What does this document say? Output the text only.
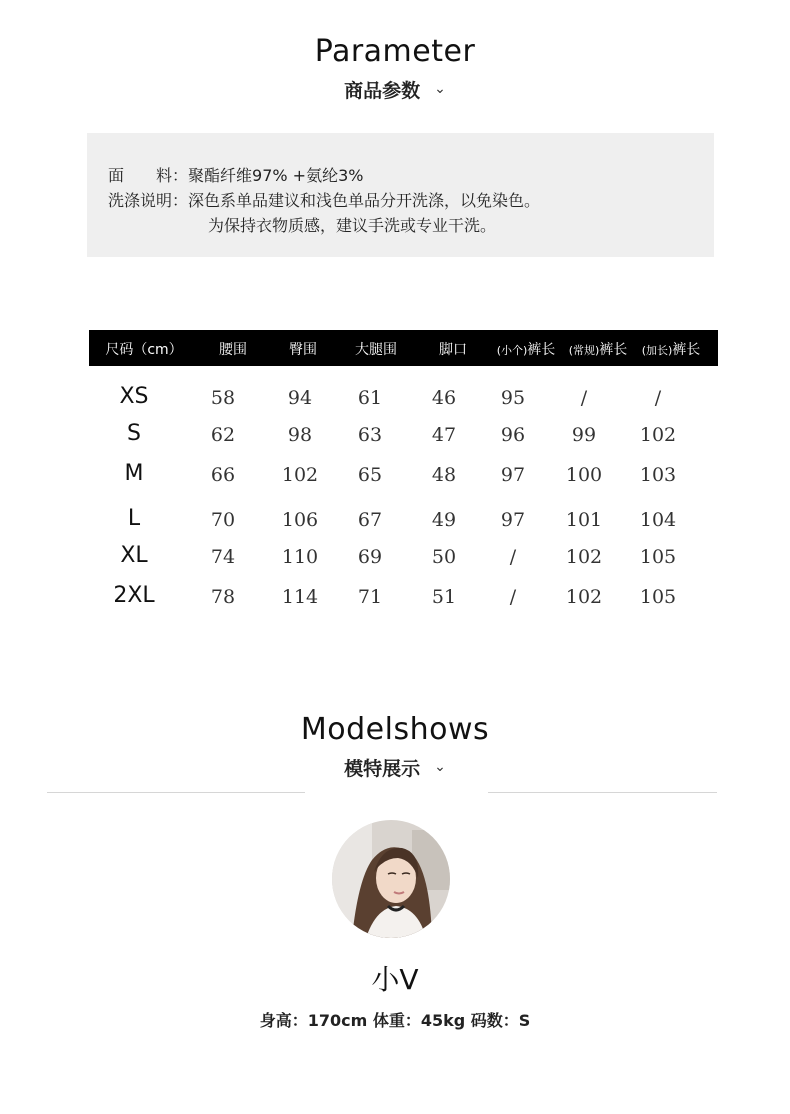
Parameter
商品参数 ⌄
面　　料：聚酯纤维97% +氨纶3%
洗涤说明：深色系单品建议和浅色单品分开洗涤，以免染色。
为保持衣物质感，建议手洗或专业干洗。
尺码（cm）	腰围	臀围	大腿围	脚口	(小个)裤长 (常规)裤长 (加长)裤长
XS	58	94 61	46 95	/	/
S	62	98 63	47 96 99 102
M	66 102 65	48 97 100 103
L	70 106 67	49 97 101 104
XL	74 110 69	50	/	102 105
2XL	78 114 71	51	/	102 105
Modelshows
模特展示 ⌄
小V
身高：170cm 体重：45kg 码数：S
